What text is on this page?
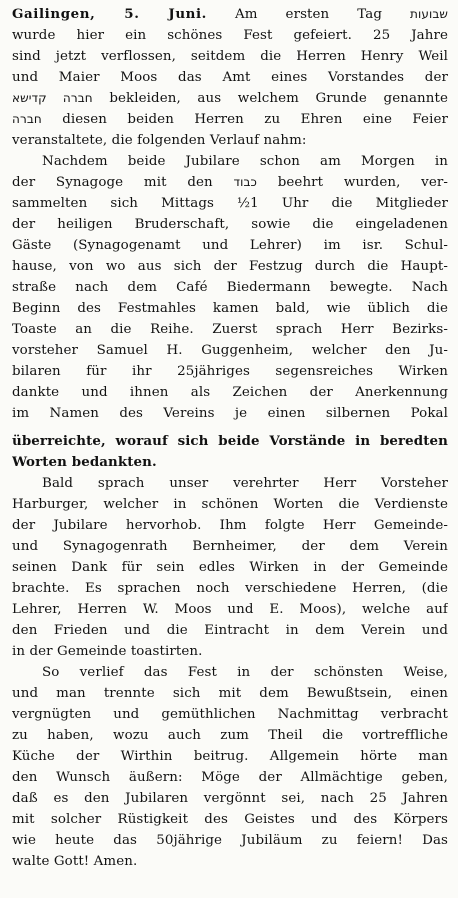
Gailingen, 5. Juni. Am ersten Tag שבועות
wurde hier ein schönes Fest gefeiert. 25 Jahre
sind jetzt verflossen, seitdem die Herren Henry Weil
und Maier Moos das Amt eines Vorstandes der
חברה קדישא bekleiden, aus welchem Grunde genannte
חברה diesen beiden Herren zu Ehren eine Feier
veranstaltete, die folgenden Verlauf nahm:
Nachdem beide Jubilare schon am Morgen in
der Synagoge mit den כבוד beehrt wurden, ver-
sammelten sich Mittags ½1 Uhr die Mitglieder
der heiligen Bruderschaft, sowie die eingeladenen
Gäste (Synagogenamt und Lehrer) im isr. Schul-
hause, von wo aus sich der Festzug durch die Haupt-
straße nach dem Café Biedermann bewegte. Nach
Beginn des Festmahles kamen bald, wie üblich die
Toaste an die Reihe. Zuerst sprach Herr Bezirks-
vorsteher Samuel H. Guggenheim, welcher den Ju-
bilaren für ihr 25jähriges segensreiches Wirken
dankte und ihnen als Zeichen der Anerkennung
im Namen des Vereins je einen silbernen Pokal
überreichte, worauf sich beide Vorstände in beredten
Worten bedankten.
Bald sprach unser verehrter Herr Vorsteher
Harburger, welcher in schönen Worten die Verdienste
der Jubilare hervorhob. Ihm folgte Herr Gemeinde-
und Synagogenrath Bernheimer, der dem Verein
seinen Dank für sein edles Wirken in der Gemeinde
brachte. Es sprachen noch verschiedene Herren, (die
Lehrer, Herren W. Moos und E. Moos), welche auf
den Frieden und die Eintracht in dem Verein und
in der Gemeinde toastirten.
So verlief das Fest in der schönsten Weise,
und man trennte sich mit dem Bewußtsein, einen
vergnügten und gemüthlichen Nachmittag verbracht
zu haben, wozu auch zum Theil die vortreffliche
Küche der Wirthin beitrug. Allgemein hörte man
den Wunsch äußern: Möge der Allmächtige geben,
daß es den Jubilaren vergönnt sei, nach 25 Jahren
mit solcher Rüstigkeit des Geistes und des Körpers
wie heute das 50jährige Jubiläum zu feiern! Das
walte Gott! Amen.
